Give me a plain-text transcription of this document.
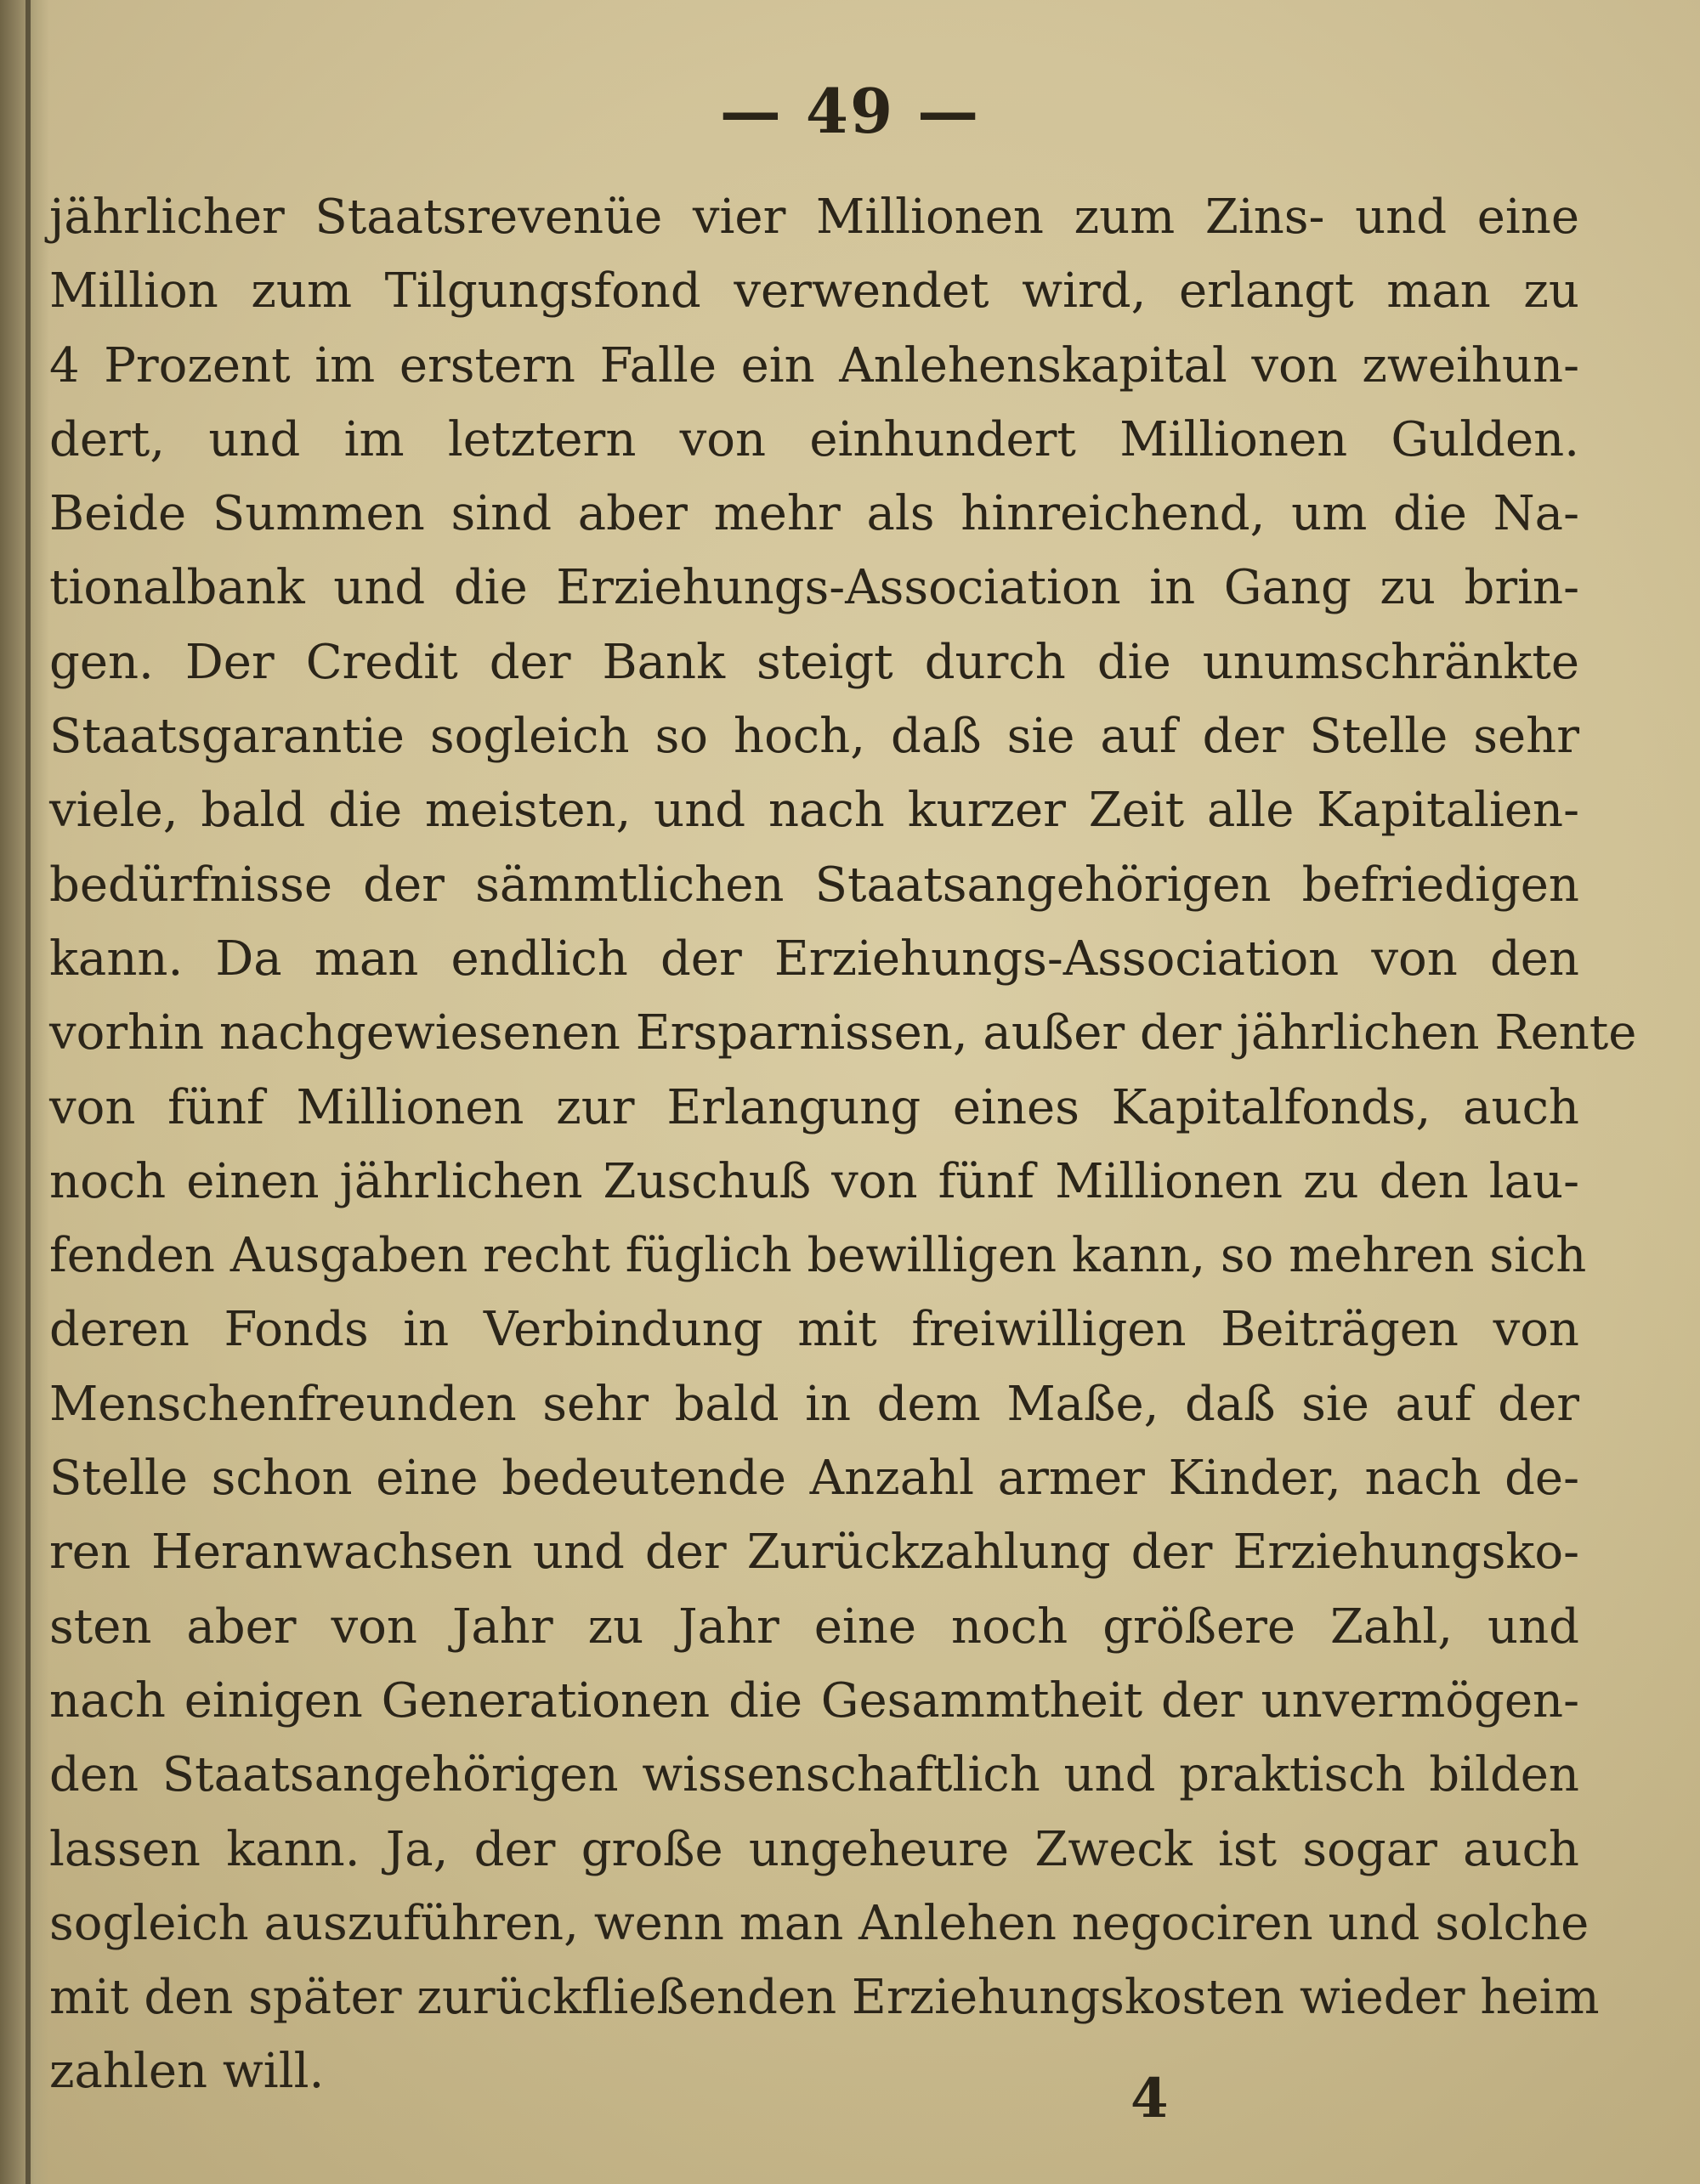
— 49 —
jährlicher Staatsrevenüe vier Millionen zum Zins- und eine
Million zum Tilgungsfond verwendet wird, erlangt man zu
4 Prozent im erstern Falle ein Anlehenskapital von zweihun-
dert, und im letztern von einhundert Millionen Gulden.
Beide Summen sind aber mehr als hinreichend, um die Na-
tionalbank und die Erziehungs-Association in Gang zu brin-
gen. Der Credit der Bank steigt durch die unumschränkte
Staatsgarantie sogleich so hoch, daß sie auf der Stelle sehr
viele, bald die meisten, und nach kurzer Zeit alle Kapitalien-
bedürfnisse der sämmtlichen Staatsangehörigen befriedigen
kann. Da man endlich der Erziehungs-Association von den
vorhin nachgewiesenen Ersparnissen, außer der jährlichen Rente
von fünf Millionen zur Erlangung eines Kapitalfonds, auch
noch einen jährlichen Zuschuß von fünf Millionen zu den lau-
fenden Ausgaben recht füglich bewilligen kann, so mehren sich
deren Fonds in Verbindung mit freiwilligen Beiträgen von
Menschenfreunden sehr bald in dem Maße, daß sie auf der
Stelle schon eine bedeutende Anzahl armer Kinder, nach de-
ren Heranwachsen und der Zurückzahlung der Erziehungsko-
sten aber von Jahr zu Jahr eine noch größere Zahl, und
nach einigen Generationen die Gesammtheit der unvermögen-
den Staatsangehörigen wissenschaftlich und praktisch bilden
lassen kann. Ja, der große ungeheure Zweck ist sogar auch
sogleich auszuführen, wenn man Anlehen negociren und solche
mit den später zurückfließenden Erziehungskosten wieder heim
zahlen will.	4
